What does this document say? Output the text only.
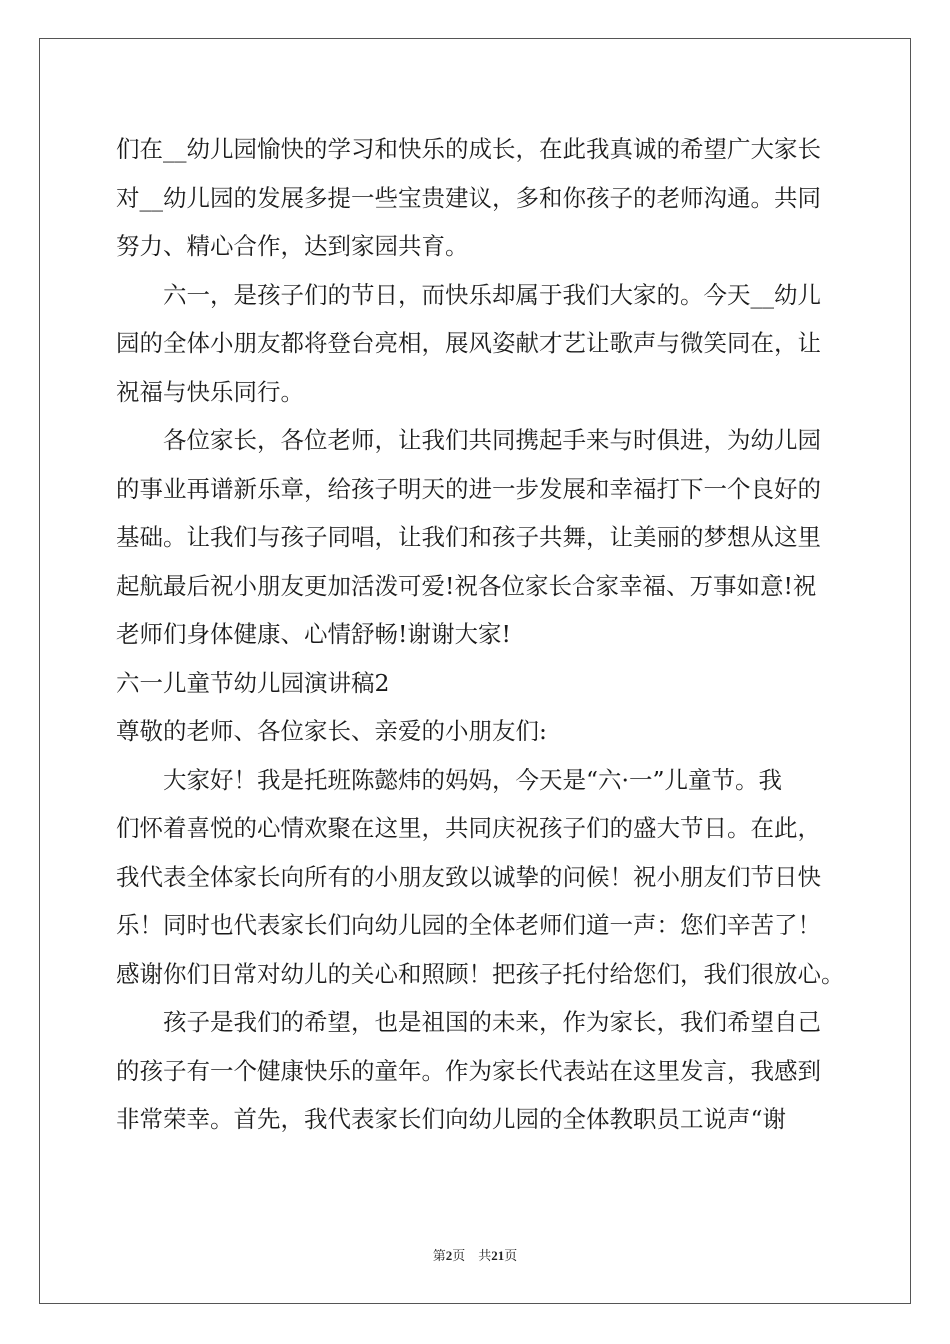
们在__幼儿园愉快的学习和快乐的成长，在此我真诚的希望广大家长
对__幼儿园的发展多提一些宝贵建议，多和你孩子的老师沟通。共同
努力、精心合作，达到家园共育。
六一，是孩子们的节日，而快乐却属于我们大家的。今天__幼儿
园的全体小朋友都将登台亮相，展风姿献才艺让歌声与微笑同在，让
祝福与快乐同行。
各位家长，各位老师，让我们共同携起手来与时俱进，为幼儿园
的事业再谱新乐章，给孩子明天的进一步发展和幸福打下一个良好的
基础。让我们与孩子同唱，让我们和孩子共舞，让美丽的梦想从这里
起航最后祝小朋友更加活泼可爱!祝各位家长合家幸福、万事如意!祝
老师们身体健康、心情舒畅!谢谢大家!
六一儿童节幼儿园演讲稿2
尊敬的老师、各位家长、亲爱的小朋友们:
大家好！我是托班陈懿炜的妈妈，今天是“六·一”儿童节。我
们怀着喜悦的心情欢聚在这里，共同庆祝孩子们的盛大节日。在此，
我代表全体家长向所有的小朋友致以诚挚的问候！祝小朋友们节日快
乐！同时也代表家长们向幼儿园的全体老师们道一声：您们辛苦了！
感谢你们日常对幼儿的关心和照顾！把孩子托付给您们，我们很放心。
孩子是我们的希望，也是祖国的未来，作为家长，我们希望自己
的孩子有一个健康快乐的童年。作为家长代表站在这里发言，我感到
非常荣幸。首先，我代表家长们向幼儿园的全体教职员工说声“谢
第2页 共21页
